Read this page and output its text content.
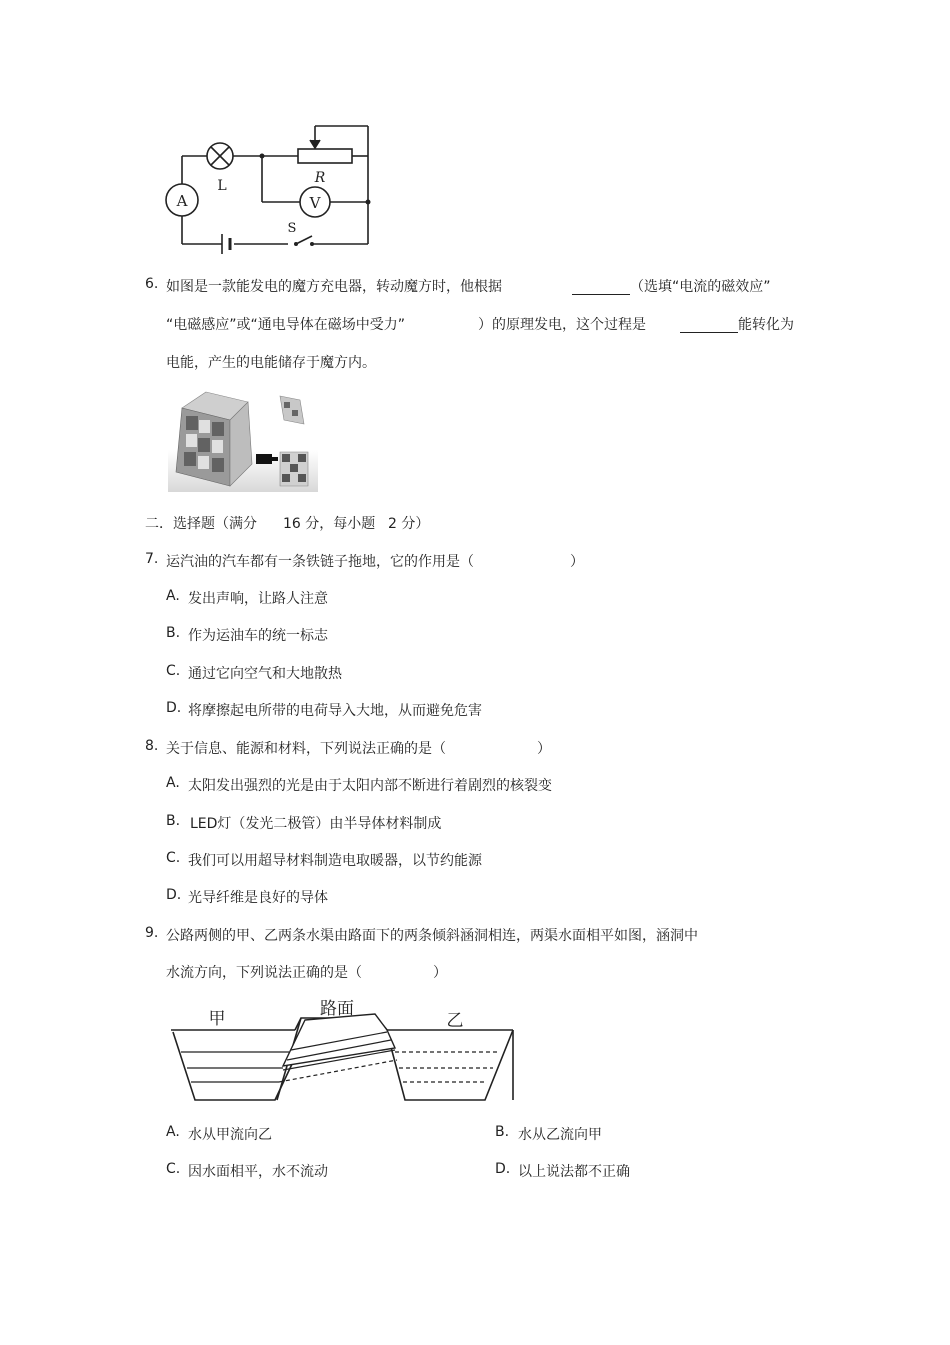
A
L	R
V
S
6. 如图是一款能发电的魔方充电器，转动魔方时，他根据	（选填“电流的磁效应”
“电磁感应”或“通电导体在磁场中受力”	）的原理发电，这个过程是	能转化为
电能，产生的电能储存于魔方内。
二．选择题（满分 16 分，每小题 2 分）
7. 运汽油的汽车都有一条铁链子拖地，它的作用是（	）
A. 发出声响，让路人注意
B. 作为运油车的统一标志
C. 通过它向空气和大地散热
D. 将摩擦起电所带的电荷导入大地，从而避免危害
8. 关于信息、能源和材料，下列说法正确的是（	）
A. 太阳发出强烈的光是由于太阳内部不断进行着剧烈的核裂变
B. LED灯（发光二极管）由半导体材料制成
C. 我们可以用超导材料制造电取暖器，以节约能源
D. 光导纤维是良好的导体
9. 公路两侧的甲、乙两条水渠由路面下的两条倾斜涵洞相连，两渠水面相平如图，涵洞中
水流方向，下列说法正确的是（	）
甲	路面
乙
A. 水从甲流向乙	B. 水从乙流向甲
C. 因水面相平，水不流动	D. 以上说法都不正确
